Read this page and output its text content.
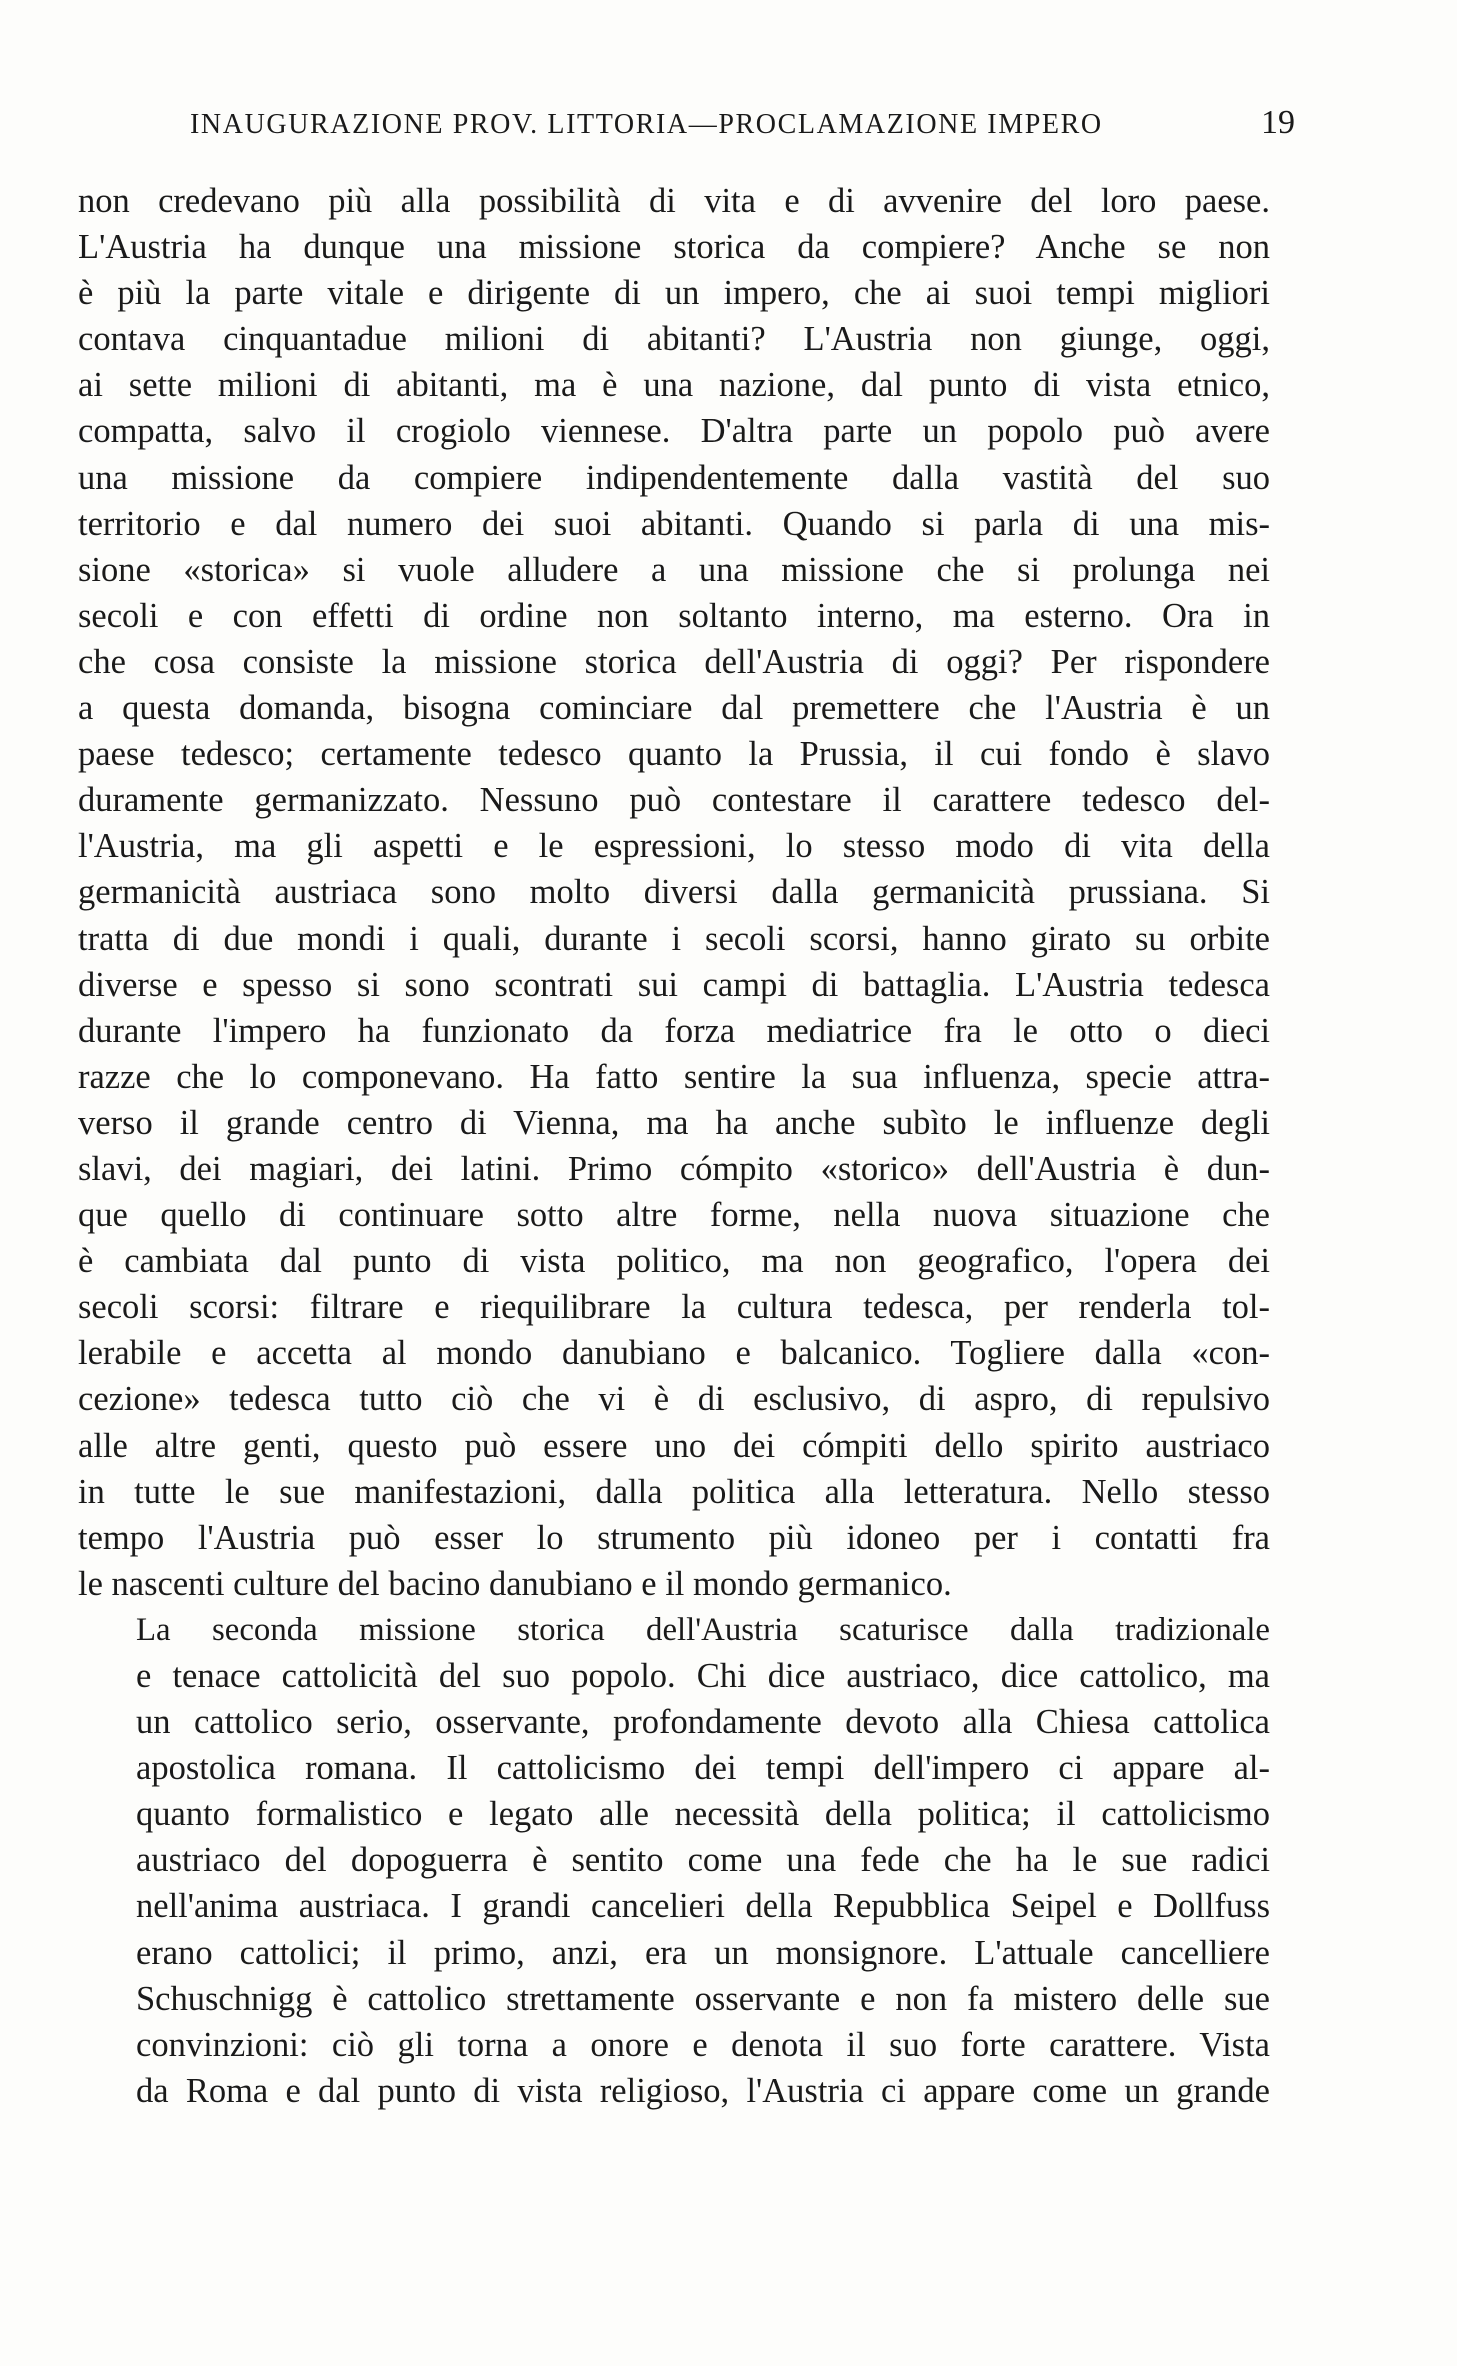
INAUGURAZIONE PROV. LITTORIA—PROCLAMAZIONE IMPERO	19

non credevano più alla possibilità di vita e di avvenire del loro paese.
L'Austria ha dunque una missione storica da compiere? Anche se non
è più la parte vitale e dirigente di un impero, che ai suoi tempi migliori
contava cinquantadue milioni di abitanti? L'Austria non giunge, oggi,
ai sette milioni di abitanti, ma è una nazione, dal punto di vista etnico,
compatta, salvo il crogiolo viennese. D'altra parte un popolo può avere
una missione da compiere indipendentemente dalla vastità del suo
territorio e dal numero dei suoi abitanti. Quando si parla di una mis-
sione «storica» si vuole alludere a una missione che si prolunga nei
secoli e con effetti di ordine non soltanto interno, ma esterno. Ora in
che cosa consiste la missione storica dell'Austria di oggi? Per rispondere
a questa domanda, bisogna cominciare dal premettere che l'Austria è un
paese tedesco; certamente tedesco quanto la Prussia, il cui fondo è slavo
duramente germanizzato. Nessuno può contestare il carattere tedesco del-
l'Austria, ma gli aspetti e le espressioni, lo stesso modo di vita della
germanicità austriaca sono molto diversi dalla germanicità prussiana. Si
tratta di due mondi i quali, durante i secoli scorsi, hanno girato su orbite
diverse e spesso si sono scontrati sui campi di battaglia. L'Austria tedesca
durante l'impero ha funzionato da forza mediatrice fra le otto o dieci
razze che lo componevano. Ha fatto sentire la sua influenza, specie attra-
verso il grande centro di Vienna, ma ha anche subìto le influenze degli
slavi, dei magiari, dei latini. Primo cómpito «storico» dell'Austria è dun-
que quello di continuare sotto altre forme, nella nuova situazione che
è cambiata dal punto di vista politico, ma non geografico, l'opera dei
secoli scorsi: filtrare e riequilibrare la cultura tedesca, per renderla tol-
lerabile e accetta al mondo danubiano e balcanico. Togliere dalla «con-
cezione» tedesca tutto ciò che vi è di esclusivo, di aspro, di repulsivo
alle altre genti, questo può essere uno dei cómpiti dello spirito austriaco
in tutte le sue manifestazioni, dalla politica alla letteratura. Nello stesso
tempo l'Austria può esser lo strumento più idoneo per i contatti fra
le nascenti culture del bacino danubiano e il mondo germanico.

La seconda missione storica dell'Austria scaturisce dalla tradizionale
e tenace cattolicità del suo popolo. Chi dice austriaco, dice cattolico, ma
un cattolico serio, osservante, profondamente devoto alla Chiesa cattolica
apostolica romana. Il cattolicismo dei tempi dell'impero ci appare al-
quanto formalistico e legato alle necessità della politica; il cattolicismo
austriaco del dopoguerra è sentito come una fede che ha le sue radici
nell'anima austriaca. I grandi cancelieri della Repubblica Seipel e Dollfuss
erano cattolici; il primo, anzi, era un monsignore. L'attuale cancelliere
Schuschnigg è cattolico strettamente osservante e non fa mistero delle sue
convinzioni: ciò gli torna a onore e denota il suo forte carattere. Vista
da Roma e dal punto di vista religioso, l'Austria ci appare come un grande
